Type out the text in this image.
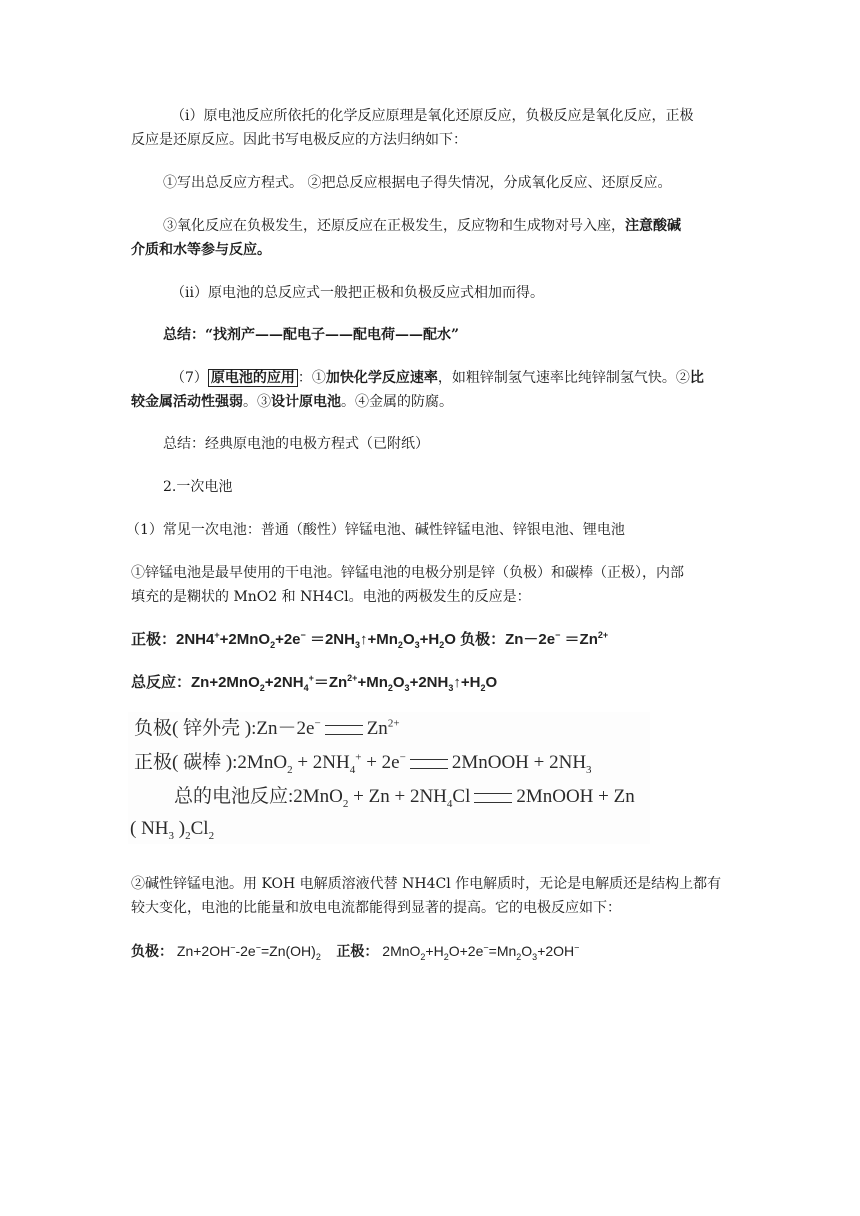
（i）原电池反应所依托的化学反应原理是氧化还原反应，负极反应是氧化反应，正极
反应是还原反应。因此书写电极反应的方法归纳如下：
①写出总反应方程式。 ②把总反应根据电子得失情况，分成氧化反应、还原反应。
③氧化反应在负极发生，还原反应在正极发生，反应物和生成物对号入座，注意酸碱
介质和水等参与反应。
（ii）原电池的总反应式一般把正极和负极反应式相加而得。
总结：“找剂产——配电子——配电荷——配水”
（7） 原电池的应用 ：①加快化学反应速率，如粗锌制氢气速率比纯锌制氢气快。②比
较金属活动性强弱。③设计原电池。④金属的防腐。
总结：经典原电池的电极方程式（已附纸）
2.一次电池
（1）常见一次电池：普通（酸性）锌锰电池、碱性锌锰电池、锌银电池、锂电池
①锌锰电池是最早使用的干电池。锌锰电池的电极分别是锌（负极）和碳棒（正极），内部
填充的是糊状的 MnO2 和 NH4Cl。电池的两极发生的反应是：
正极：$2NH4^++2MnO_2+2e^- =2NH_3↑+Mn_2O_3+H_2O$ 负极：$Zn-2e^- =Zn^{2+}$
总反应：$Zn+2MnO_2+2NH_4^+=Zn^{2+}+Mn_2O_3+2NH_3↑+H_2O$
负极( 锌外壳 ):Zn－2e− $Zn^{2+}$
正极( 碳棒 ):2MnO$_2$ + $2NH_4^+ + 2e^-$ 2MnOOH + $2NH_3$
总的电池反应:2MnO$_2$ + $Zn + 2NH_4Cl$ 2MnOOH + Zn
( $NH_3$ )$_2Cl_2$
②碱性锌锰电池。用 KOH 电解质溶液代替 NH4Cl 作电解质时，无论是电解质还是结构上都有
较大变化，电池的比能量和放电电流都能得到显著的提高。它的电极反应如下：
负极： $Zn+2OH^--2e^-=Zn(OH)_2$ 正极： $2MnO_2+H_2O+2e^-=Mn_2O_3+2OH^-$
